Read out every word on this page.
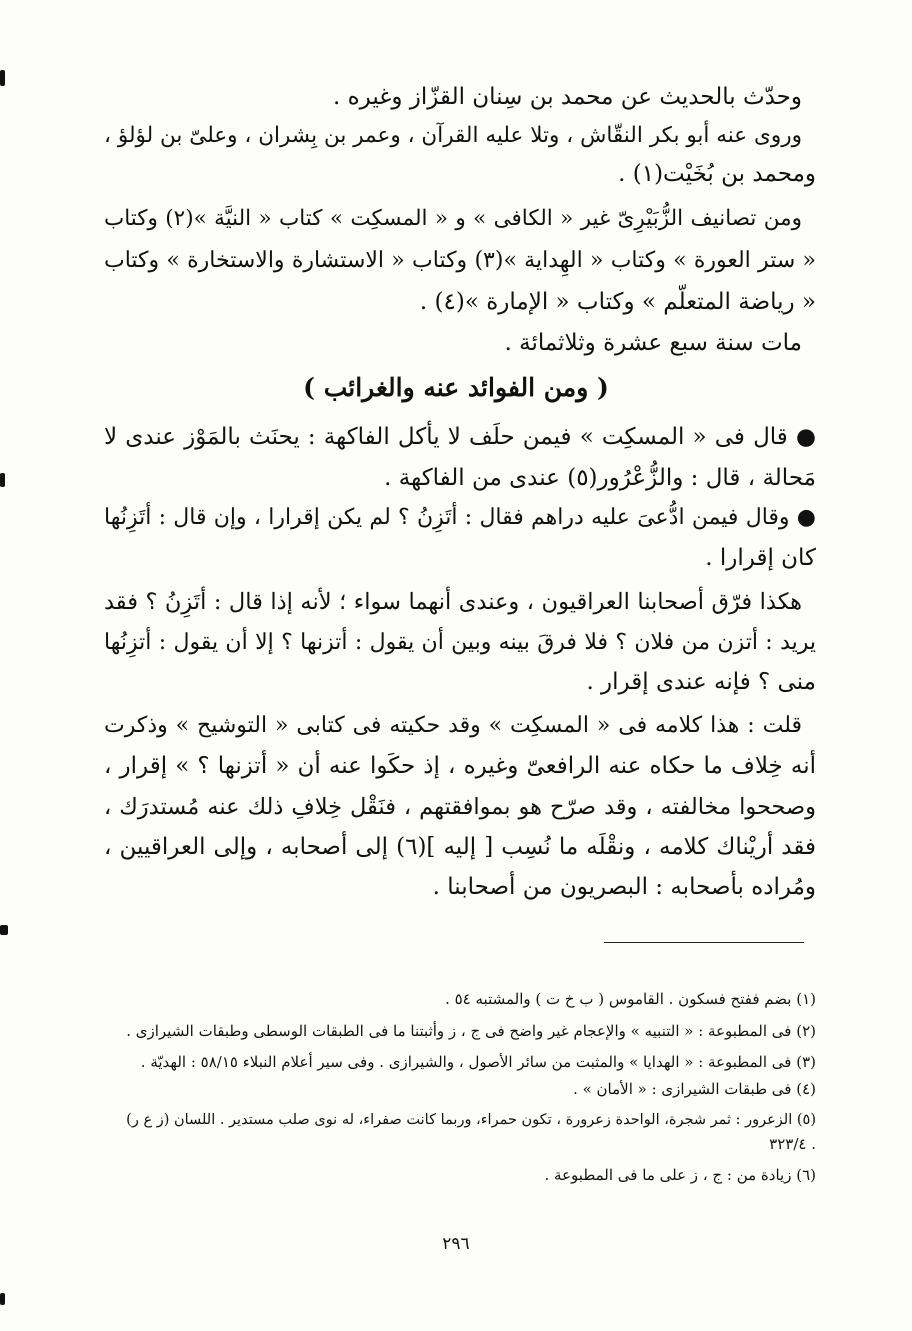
وحدّث بالحديث عن محمد بن سِنان القزّاز وغيره .

وروى عنه أبو بكر النقّاش ، وتلا عليه القرآن ، وعمر بن بِشران ، وعلىّ بن لؤلؤ ،

ومحمد بن بُخَيْت(١) .

ومن تصانيف الزُّبَيْرِىّ غير « الكافى » و « المسكِت » كتاب « النيَّة »(٢) وكتاب

« ستر العورة » وكتاب « الهِداية »(٣) وكتاب « الاستشارة والاستخارة » وكتاب

« رياضة المتعلّم » وكتاب « الإمارة »(٤) .

مات سنة سبع عشرة وثلاثمائة .

( ومن الفوائد عنه والغرائب )

● قال فى « المسكِت » فيمن حلَف لا يأكل الفاكهة : يحنَث بالمَوْز عندى لا

مَحالة ، قال : والزُّعْرُور(٥) عندى من الفاكهة .

● وقال فيمن ادُّعىَ عليه دراهم فقال : أتَزِنُ ؟ لم يكن إقرارا ، وإن قال : أتَزِنُها

كان إقرارا .

هكذا فرّق أصحابنا العراقيون ، وعندى أنهما سواء ؛ لأنه إذا قال : أتَزِنُ ؟ فقد

يريد : أتزن من فلان ؟ فلا فرقَ بينه وبين أن يقول : أتزنها ؟ إلا أن يقول : أتزِنُها

منى ؟ فإنه عندى إقرار .

قلت : هذا كلامه فى « المسكِت » وقد حكيته فى كتابى « التوشيح » وذكرت

أنه خِلاف ما حكاه عنه الرافعىّ وغيره ، إذ حكَوا عنه أن « أتزنها ؟ » إقرار ،

وصححوا مخالفته ، وقد صرّح هو بموافقتهم ، فنَقْل خِلافِ ذلك عنه مُستدرَك ،

فقد أريْناك كلامه ، ونقْلَه ما نُسِب [ إليه ](٦) إلى أصحابه ، وإلى العراقيين ،

ومُراده بأصحابه : البصريون من أصحابنا .

(١) بضم ففتح فسكون . القاموس ( ب خ ت ) والمشتبه ٥٤ .

(٢) فى المطبوعة : « التنبيه » والإعجام غير واضح فى ج ، ز وأثبتنا ما فى الطبقات الوسطى وطبقات الشيرازى .

(٣) فى المطبوعة : « الهدايا » والمثبت من سائر الأصول ، والشيرازى . وفى سير أعلام النبلاء ٥٨/١٥ : الهديّة .

(٤) فى طبقات الشيرازى : « الأمان » .

(٥) الزعرور : ثمر شجرة، الواحدة زعرورة ، تكون حمراء، وربما كانت صفراء، له نوى صلب مستدير . اللسان (ز ع ر)

. ٣٢٣/٤

(٦) زيادة من : ج ، ز على ما فى المطبوعة .

٢٩٦
